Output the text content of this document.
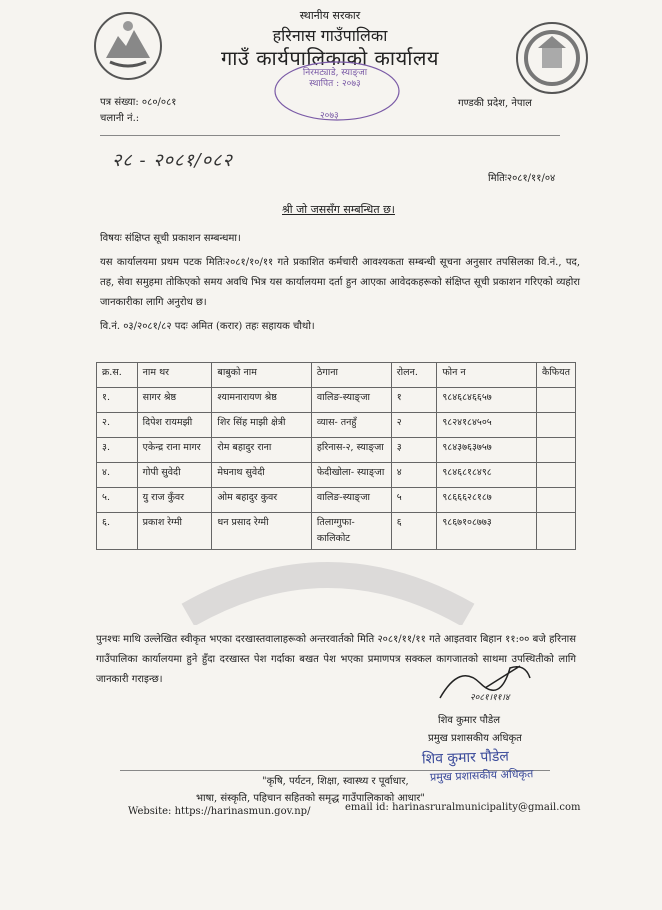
स्थानीय सरकार
हरिनास गाउँपालिका
गाउँ कार्यपालिकाको कार्यालय
निरमट्याडे, स्याङ्जा
स्थापित : २०७३
२०७३
पत्र संख्या: ०८०/०८१
चलानी नं.:
गण्डकी प्रदेश, नेपाल
२८ - २०८१/०८२
मितिः२०८१/११/०४
श्री जो जससँग सम्बन्धित छ।
विषयः संक्षिप्त सूची प्रकाशन सम्बन्धमा।
यस कार्यालयमा प्रथम पटक मितिः२०८१/१०/११ गते प्रकाशित कर्मचारी आवश्यकता सम्बन्धी सूचना अनुसार तपसिलका वि.नं., पद, तह, सेवा समुहमा तोकिएको समय अवधि भित्र यस कार्यालयमा दर्ता हुन आएका आवेदकहरूको संक्षिप्त सूची प्रकाशन गरिएको व्यहोरा जानकारीका लागि अनुरोध छ।
वि.नं. ०३/२०८१/८२ पदः अमित (करार) तहः सहायक चौथो।
क्र.स.	नाम थर	बाबुको नाम	ठेगाना	रोलन.	फोन न	कैफियत
१.	सागर श्रेष्ठ	श्यामनारायण श्रेष्ठ	वालिङ-स्याङ्जा	१	९८४६८४६६५७	
२.	दिपेश रायमझी	शिर सिंह माझी क्षेत्री	व्यास- तनहुँ	२	९८२४१८४५०५	
३.	एकेन्द्र राना मागर	रोम बहादुर राना	हरिनास-२, स्याङ्जा	३	९८४३७६३७५७	
४.	गोपी सुवेदी	मेघनाथ सुवेदी	फेदीखोला- स्याङ्जा	४	९८४६८१८४९८	
५.	यु राज कुँवर	ओम बहादुर कुवर	वालिङ-स्याङ्जा	५	९८६६६२८१८७	
६.	प्रकाश रेग्मी	धन प्रसाद रेग्मी	तिलाग्गुफा-कालिकोट	६	९८६७१०८७७३	
पुनश्चः माथि उल्लेखित स्वीकृत भएका दरखास्तवालाहरूको अन्तरवार्तको मिति २०८१/११/११ गते आइतवार बिहान ११:०० बजे हरिनास गाउँपालिका कार्यालयमा हुने हुँदा दरखास्त पेश गर्दाका बखत पेश भएका प्रमाणपत्र सक्कल कागजातको साथमा उपस्थितीको लागि जानकारी गराइन्छ।
२०८१।११।४
शिव कुमार पौडेल
प्रमुख प्रशासकीय अधिकृत
शिव कुमार पौडेल
प्रमुख प्रशासकीय अधिकृत
"कृषि, पर्यटन, शिक्षा, स्वास्थ्य र पूर्वाधार,
भाषा, संस्कृति, पहिचान सहितको समृद्ध गाउँपालिकाको आधार"
Website: https://harinasmun.gov.np/	email id: harinasruralmunicipality@gmail.com
